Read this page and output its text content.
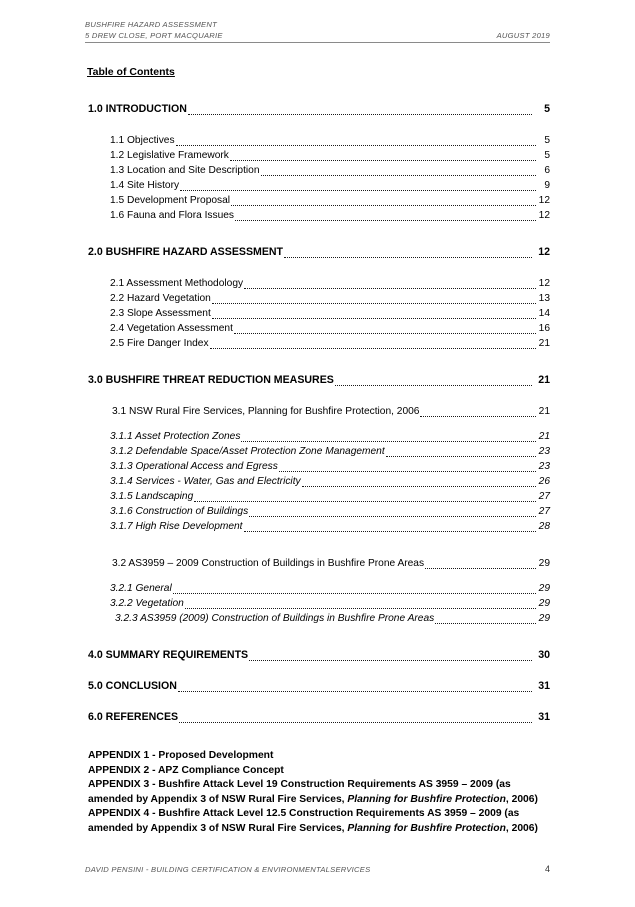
BUSHFIRE HAZARD ASSESSMENT
5 DREW CLOSE, PORT MACQUARIE	AUGUST 2019
Table of Contents
1.0 INTRODUCTION	5
1.1 Objectives	5
1.2 Legislative Framework	5
1.3 Location and Site Description	6
1.4 Site History	9
1.5 Development Proposal	12
1.6 Fauna and Flora Issues	12
2.0 BUSHFIRE HAZARD ASSESSMENT	12
2.1 Assessment Methodology	12
2.2 Hazard Vegetation	13
2.3 Slope Assessment	14
2.4 Vegetation Assessment	16
2.5 Fire Danger Index	21
3.0 BUSHFIRE THREAT REDUCTION MEASURES	21
3.1 NSW Rural Fire Services, Planning for Bushfire Protection, 2006	21
3.1.1 Asset Protection Zones	21
3.1.2 Defendable Space/Asset Protection Zone Management	23
3.1.3 Operational Access and Egress	23
3.1.4 Services - Water, Gas and Electricity	26
3.1.5 Landscaping	27
3.1.6 Construction of Buildings	27
3.1.7 High Rise Development	28
3.2 AS3959 – 2009 Construction of Buildings in Bushfire Prone Areas	29
3.2.1 General	29
3.2.2 Vegetation	29
3.2.3 AS3959 (2009) Construction of Buildings in Bushfire Prone Areas	29
4.0 SUMMARY REQUIREMENTS	30
5.0 CONCLUSION	31
6.0 REFERENCES	31
APPENDIX 1 - Proposed Development
APPENDIX 2 - APZ Compliance Concept
APPENDIX 3 - Bushfire Attack Level 19 Construction Requirements AS 3959 – 2009 (as
amended by Appendix 3 of NSW Rural Fire Services, Planning for Bushfire Protection, 2006)
APPENDIX 4 - Bushfire Attack Level 12.5 Construction Requirements AS 3959 – 2009 (as
amended by Appendix 3 of NSW Rural Fire Services, Planning for Bushfire Protection, 2006)
DAVID PENSINI - BUILDING CERTIFICATION & ENVIRONMENTALSERVICES	4
